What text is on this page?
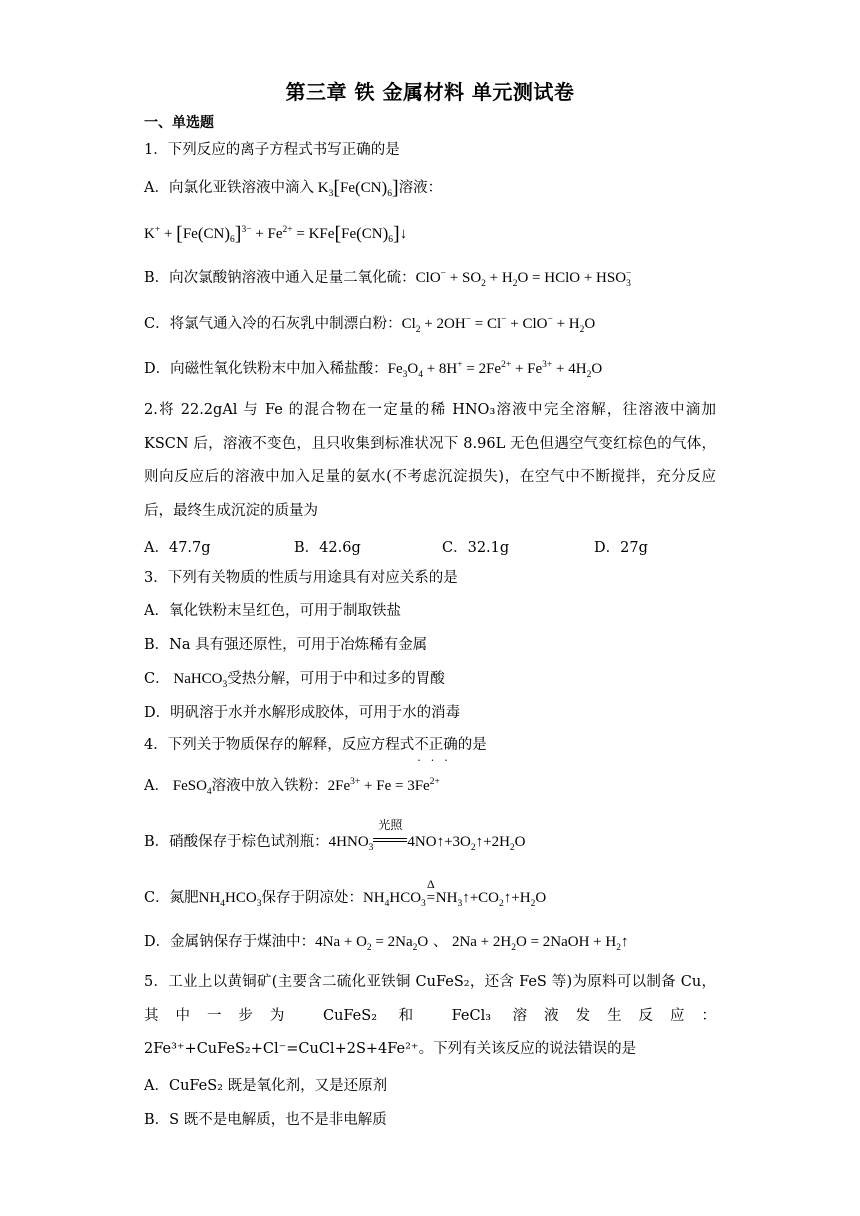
第三章 铁 金属材料 单元测试卷
一、单选题
1．下列反应的离子方程式书写正确的是
A．向氯化亚铁溶液中滴入 $K_3[Fe(CN)_6]$溶液：
$K^+ + [Fe(CN)_6]^{3-} + Fe^{2+}$ = $KFe[Fe(CN)_6]↓$
B．向次氯酸钠溶液中通入足量二氧化硫：$ClO^- + SO_2 + H_2O$ = HClO + $HSO_3^-$
C．将氯气通入冷的石灰乳中制漂白粉：$Cl_2 + 2OH^- = Cl^- + ClO^- + H_2O$
D．向磁性氧化铁粉末中加入稀盐酸：$Fe_3O_4 + 8H^+ = 2Fe^{2+} + Fe^{3+} + 4H_2O$
2.将 22.2gAl 与 Fe 的混合物在一定量的稀 HNO₃溶液中完全溶解，往溶液中滴加 KSCN 后，溶液不变色，且只收集到标准状况下 8.96L 无色但遇空气变红棕色的气体，则向反应后的溶液中加入足量的氨水(不考虑沉淀损失)，在空气中不断搅拌，充分反应后，最终生成沉淀的质量为
A．47.7g	B．42.6g	C．32.1g	D．27g
3．下列有关物质的性质与用途具有对应关系的是
A．氧化铁粉末呈红色，可用于制取铁盐
B．Na 具有强还原性，可用于冶炼稀有金属
C． NaHCO$_3$受热分解，可用于中和过多的胃酸
D．明矾溶于水并水解形成胶体，可用于水的消毒
4．下列关于物质保存的解释，反应方程式不正确
···
的是
A． FeSO$_4$溶液中放入铁粉：$2Fe^{3+} + Fe = 3Fe^{2+}$
B．硝酸保存于棕色试剂瓶：$4HNO_3$
光照
$4NO↑+3O_2↑+2H_2O$
C．氮肥$NH_4HCO_3$保存于阴凉处：$NH_4HCO_3$
Δ
$=NH_3↑+CO_2↑+H_2O$
D．金属钠保存于煤油中：$4Na + O_2 = 2Na_2O$ 、 $2Na + 2H_2O$ = 2NaOH + $H_2↑$
5．工业上以黄铜矿(主要含二硫化亚铁铜 CuFeS₂，还含 FeS 等)为原料可以制备 Cu，其中一步为 CuFeS₂ 和 FeCl₃ 溶液发生反应：2Fe³⁺+CuFeS₂+Cl⁻=CuCl+2S+4Fe²⁺。下列有关该反应的说法错误的是
A．CuFeS₂ 既是氧化剂，又是还原剂
B．S 既不是电解质，也不是非电解质
